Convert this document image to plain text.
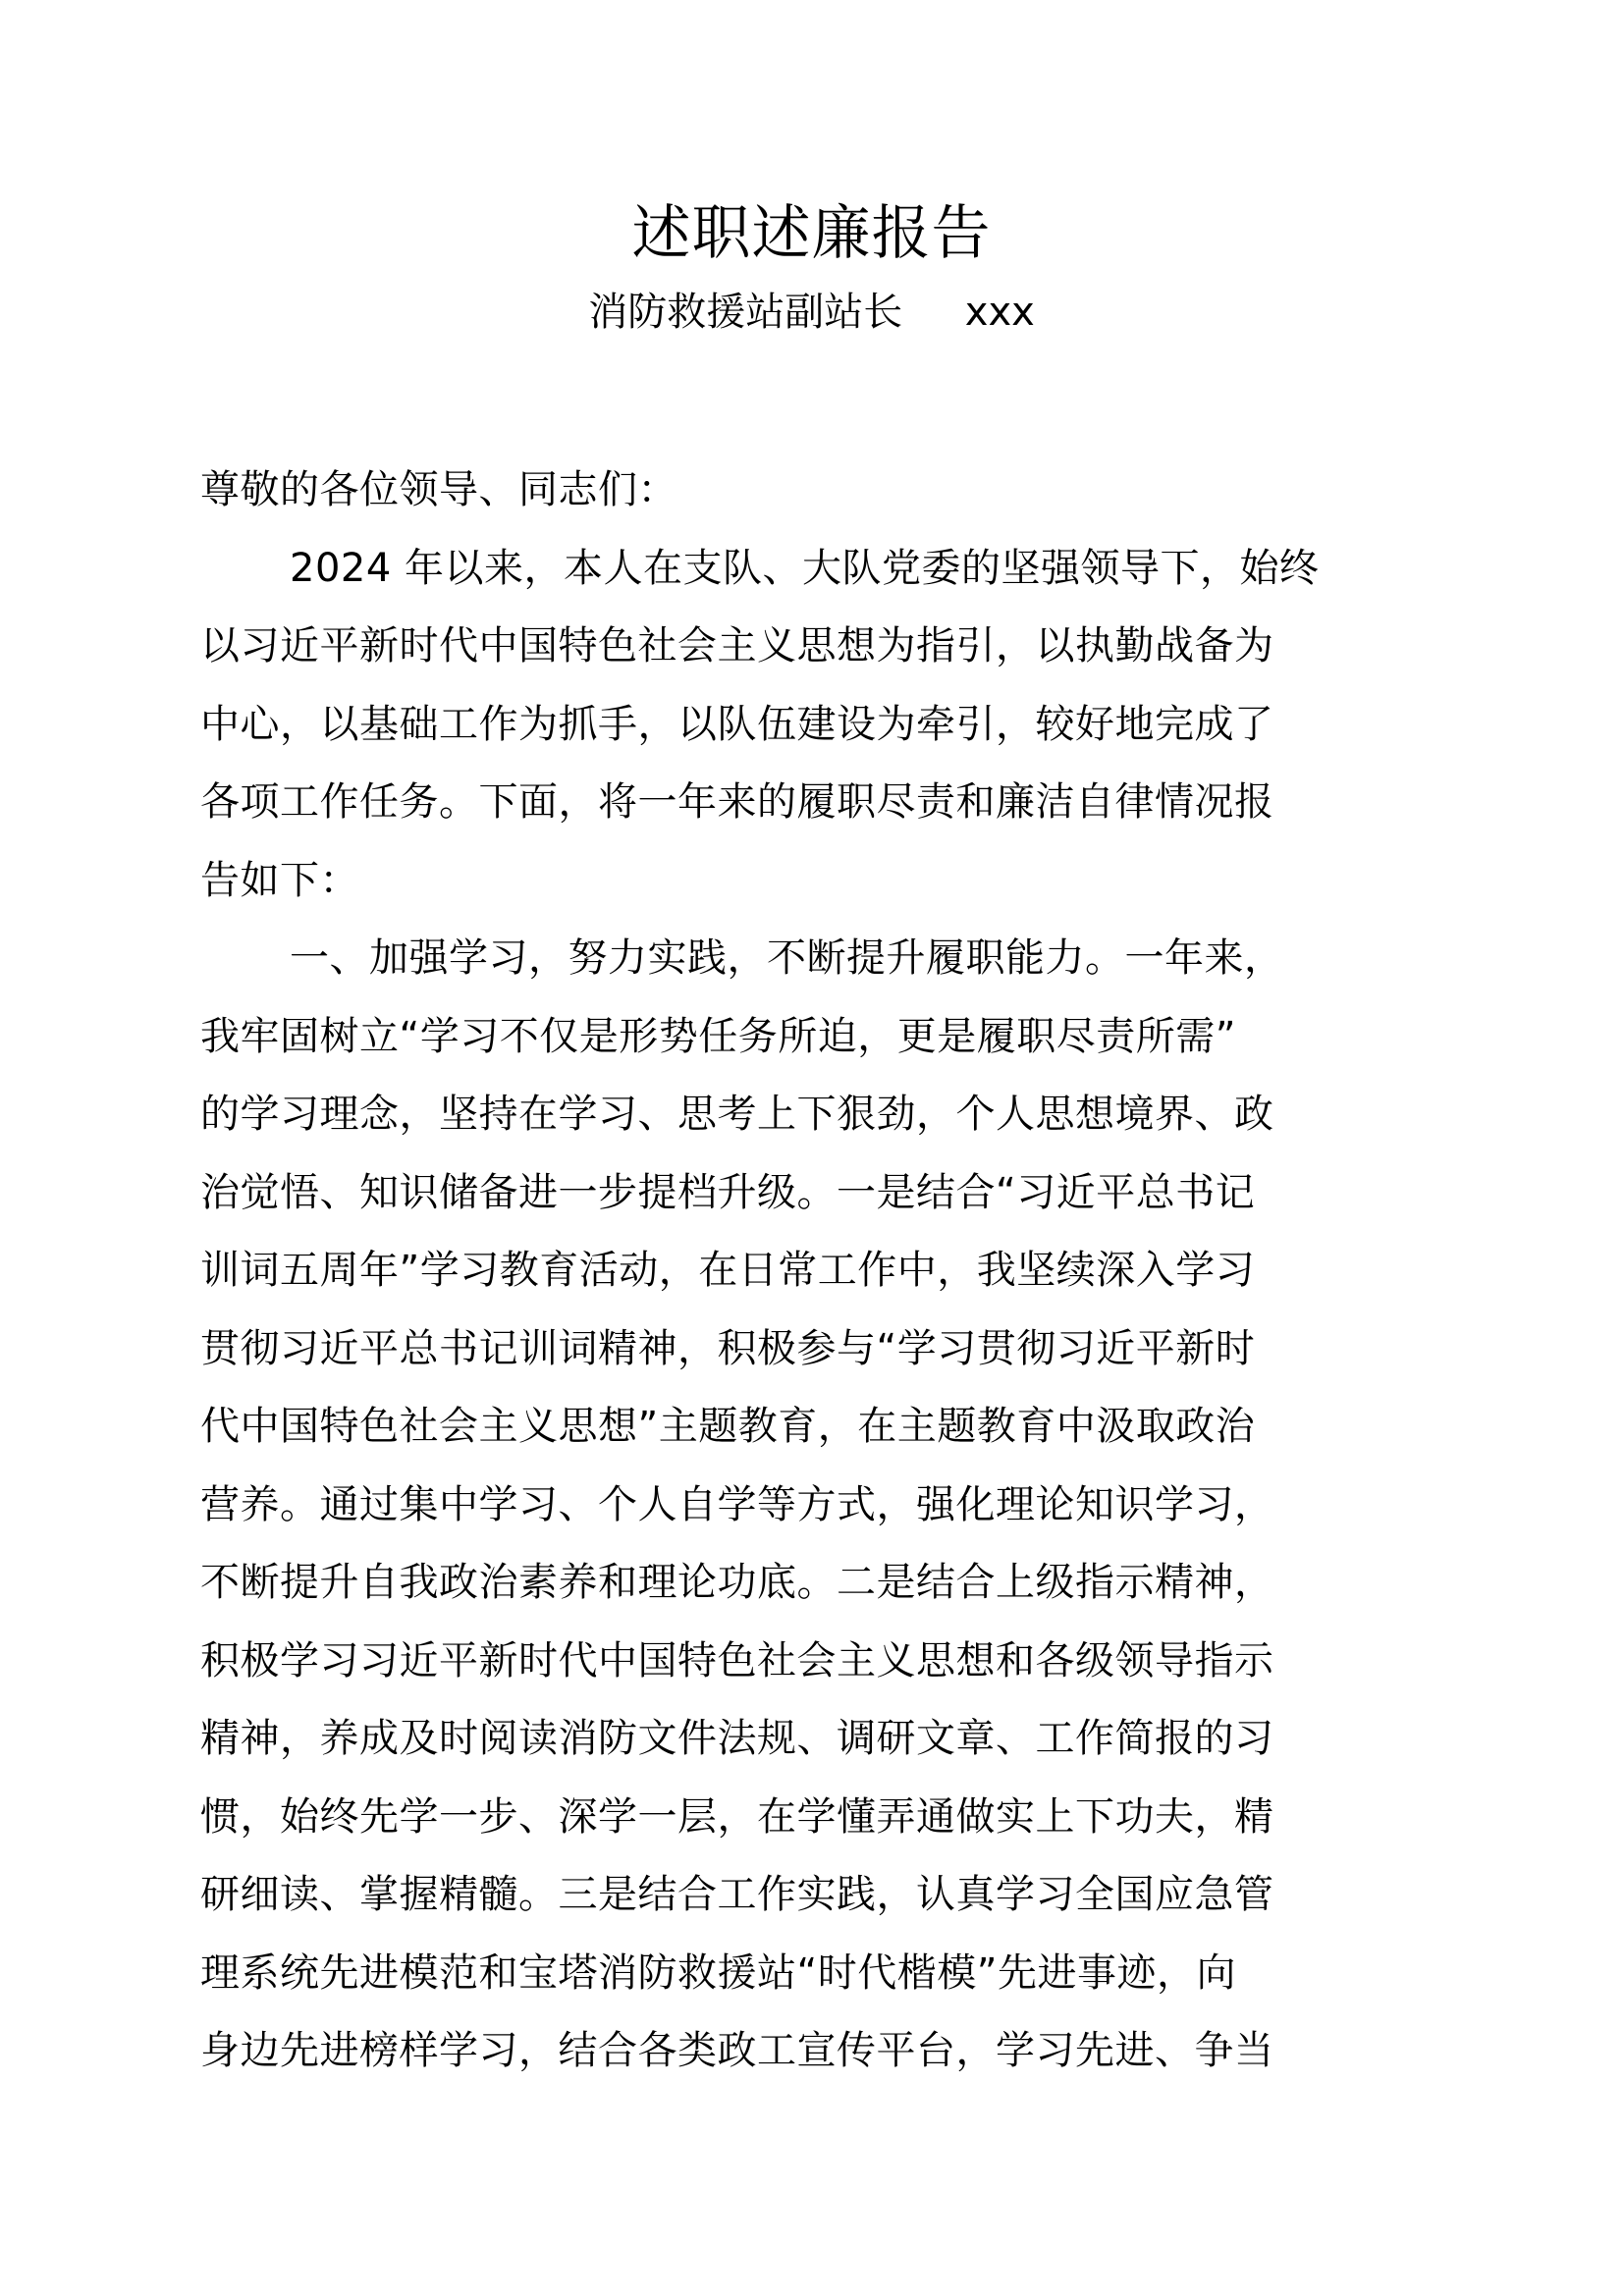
述职述廉报告
消防救援站副站长     xxx
尊敬的各位领导、同志们：
2024 年以来，本人在支队、大队党委的坚强领导下，始终
以习近平新时代中国特色社会主义思想为指引，以执勤战备为
中心，以基础工作为抓手，以队伍建设为牵引，较好地完成了
各项工作任务。下面，将一年来的履职尽责和廉洁自律情况报
告如下：
一、加强学习，努力实践，不断提升履职能力。一年来，
我牢固树立“学习不仅是形势任务所迫，更是履职尽责所需”
的学习理念，坚持在学习、思考上下狠劲，个人思想境界、政
治觉悟、知识储备进一步提档升级。一是结合“习近平总书记
训词五周年”学习教育活动，在日常工作中，我坚续深入学习
贯彻习近平总书记训词精神，积极参与“学习贯彻习近平新时
代中国特色社会主义思想”主题教育，在主题教育中汲取政治
营养。通过集中学习、个人自学等方式，强化理论知识学习，
不断提升自我政治素养和理论功底。二是结合上级指示精神，
积极学习习近平新时代中国特色社会主义思想和各级领导指示
精神，养成及时阅读消防文件法规、调研文章、工作简报的习
惯，始终先学一步、深学一层，在学懂弄通做实上下功夫，精
研细读、掌握精髓。三是结合工作实践，认真学习全国应急管
理系统先进模范和宝塔消防救援站“时代楷模”先进事迹，向
身边先进榜样学习，结合各类政工宣传平台，学习先进、争当
